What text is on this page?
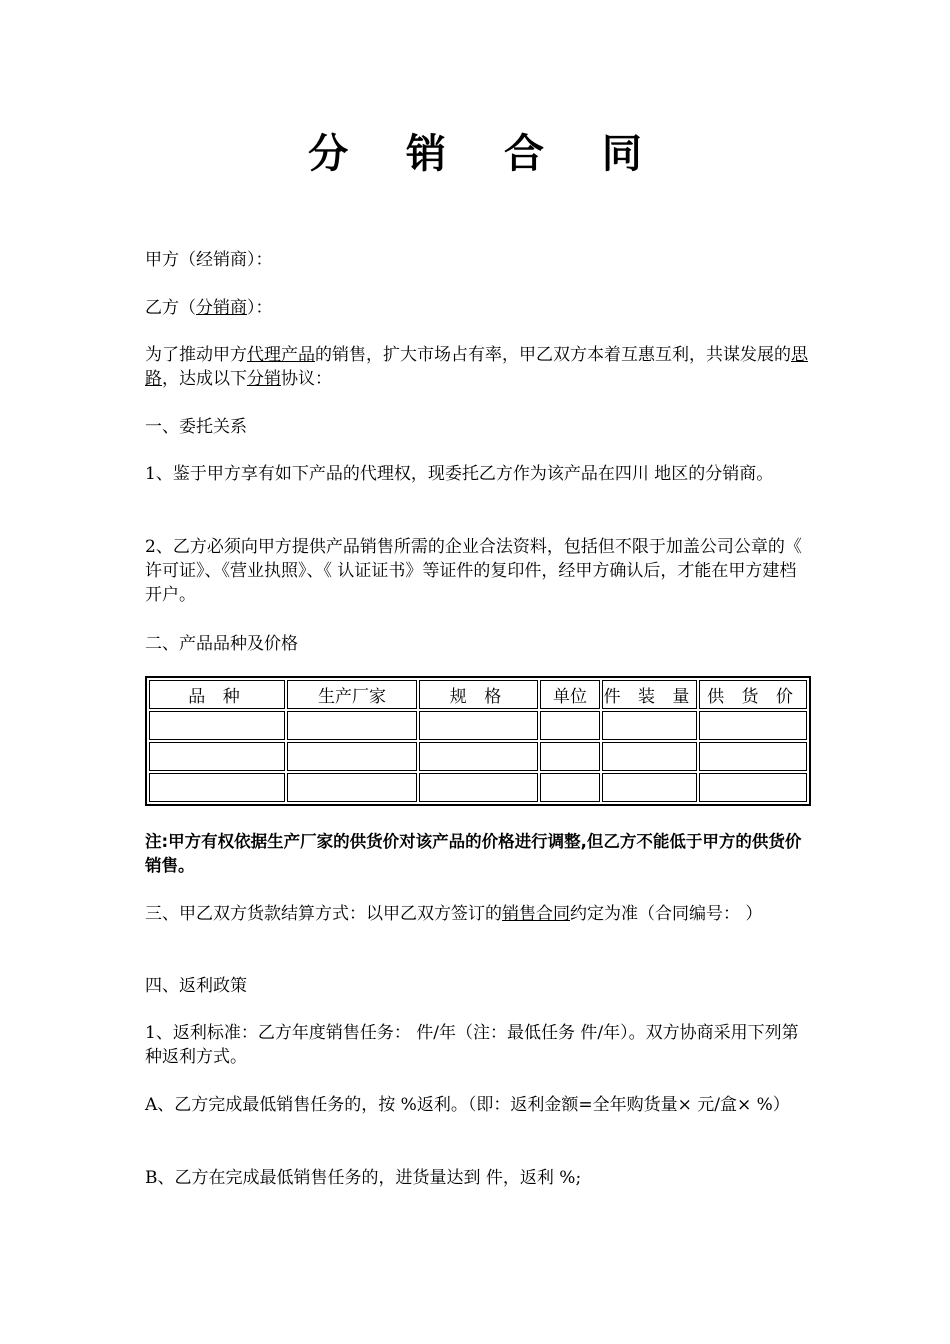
分 销 合 同
甲方（经销商）：
乙方（分销商）：
为了推动甲方代理产品的销售，扩大市场占有率，甲乙双方本着互惠互利，共谋发展的思路，达成以下分销协议：
一、委托关系
1、鉴于甲方享有如下产品的代理权，现委托乙方作为该产品在四川 地区的分销商。
2、乙方必须向甲方提供产品销售所需的企业合法资料，包括但不限于加盖公司公章的《 许可证》、《营业执照》、《 认证证书》等证件的复印件，经甲方确认后，才能在甲方建档开户。
二、产品品种及价格
品 种	生产厂家	规 格	单位	件 装 量	供 货 价

注:甲方有权依据生产厂家的供货价对该产品的价格进行调整,但乙方不能低于甲方的供货价销售。
三、甲乙双方货款结算方式：以甲乙双方签订的销售合同约定为准（合同编号： ）
四、返利政策
1、返利标准：乙方年度销售任务： 件/年（注：最低任务 件/年）。双方协商采用下列第 种返利方式。
A、乙方完成最低销售任务的，按 %返利。（即：返利金额=全年购货量× 元/盒× %）
B、乙方在完成最低销售任务的，进货量达到 件，返利 %;
